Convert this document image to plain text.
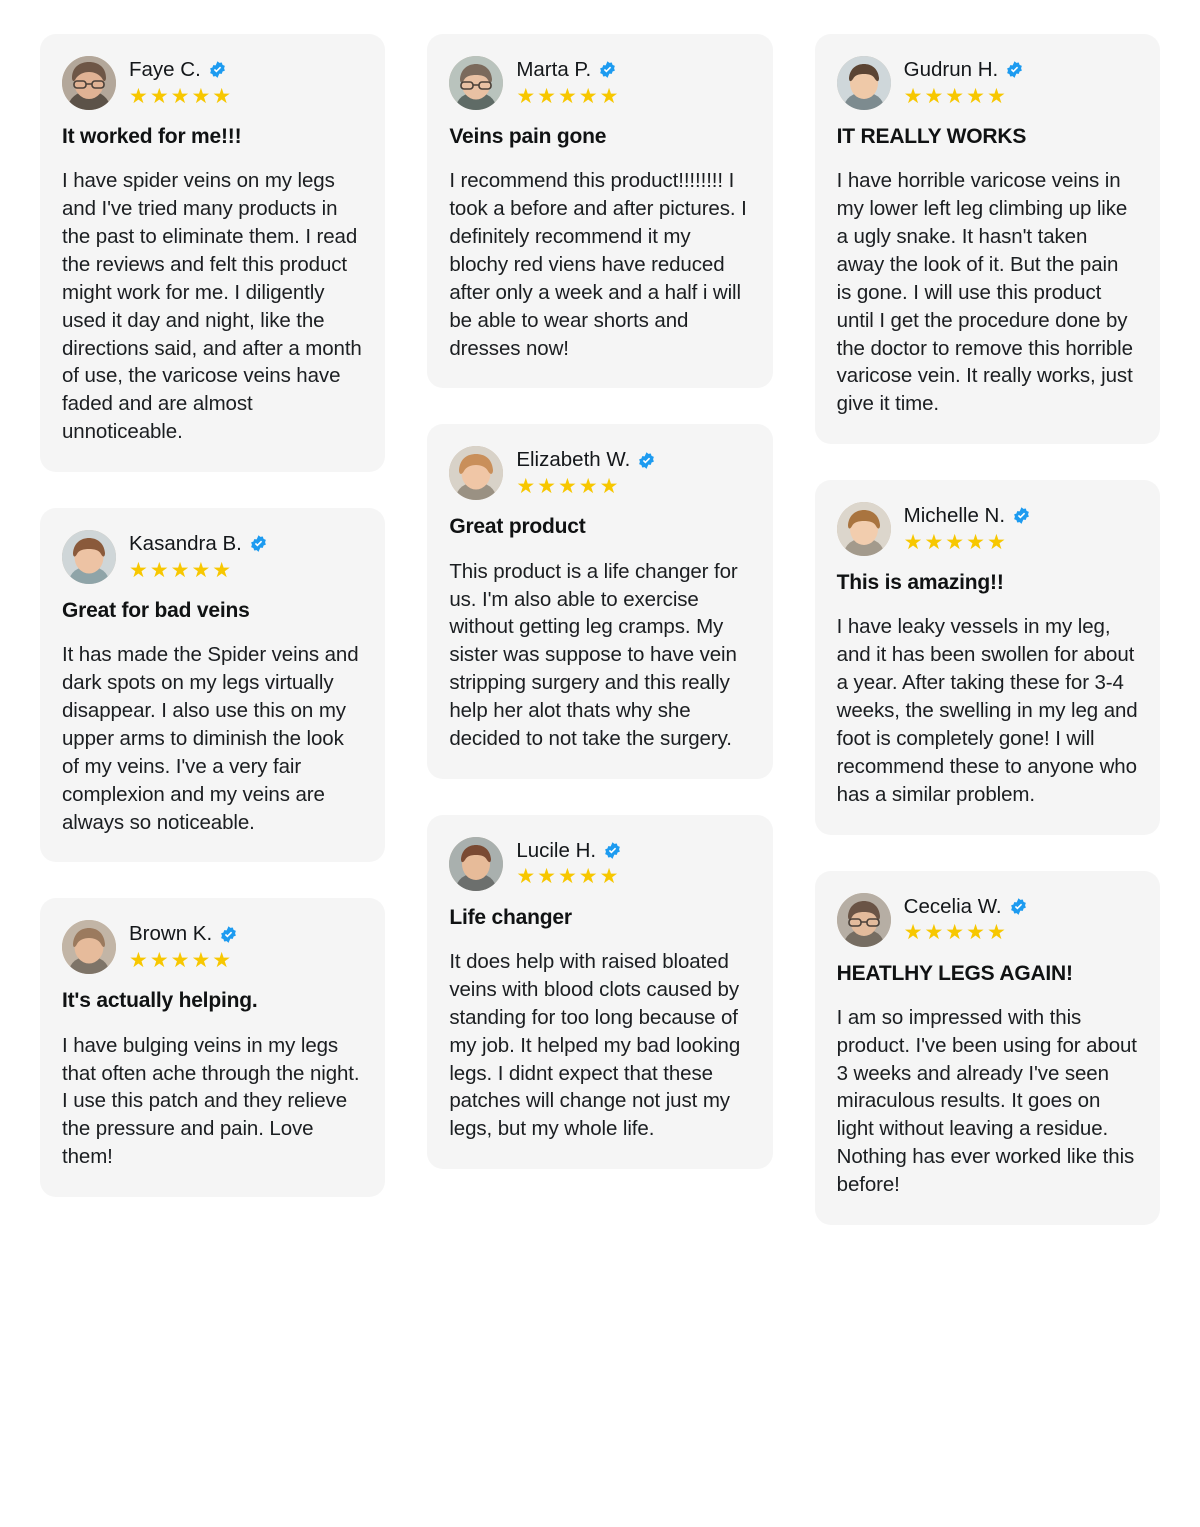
Faye C.
★★★★★
It worked for me!!!
I have spider veins on my legs and I've tried many products in the past to eliminate them. I read the reviews and felt this product might work for me. I diligently used it day and night, like the directions said, and after a month of use, the varicose veins have faded and are almost unnoticeable.
Kasandra B.
★★★★★
Great for bad veins
It has made the Spider veins and dark spots on my legs virtually disappear. I also use this on my upper arms to diminish the look of my veins. I've a very fair complexion and my veins are always so noticeable.
Brown K.
★★★★★
It's actually helping.
I have bulging veins in my legs that often ache through the night. I use this patch and they relieve the pressure and pain. Love them!
Marta P.
★★★★★
Veins pain gone
I recommend this product!!!!!!!! I took a before and after pictures. I definitely recommend it my blochy red viens have reduced after only a week and a half i will be able to wear shorts and dresses now!
Elizabeth W.
★★★★★
Great product
This product is a life changer for us. I'm also able to exercise without getting leg cramps. My sister was suppose to have vein stripping surgery and this really help her alot thats why she decided to not take the surgery.
Lucile H.
★★★★★
Life changer
It does help with raised bloated veins with blood clots caused by standing for too long because of my job. It helped my bad looking legs. I didnt expect that these patches will change not just my legs, but my whole life.
Gudrun H.
★★★★★
IT REALLY WORKS
I have horrible varicose veins in my lower left leg climbing up like a ugly snake. It hasn't taken away the look of it. But the pain is gone. I will use this product until I get the procedure done by the doctor to remove this horrible varicose vein. It really works, just give it time.
Michelle N.
★★★★★
This is amazing!!
I have leaky vessels in my leg, and it has been swollen for about a year. After taking these for 3-4 weeks, the swelling in my leg and foot is completely gone! I will recommend these to anyone who has a similar problem.
Cecelia W.
★★★★★
HEATLHY LEGS AGAIN!
I am so impressed with this product. I've been using for about 3 weeks and already I've seen miraculous results. It goes on light without leaving a residue. Nothing has ever worked like this before!
